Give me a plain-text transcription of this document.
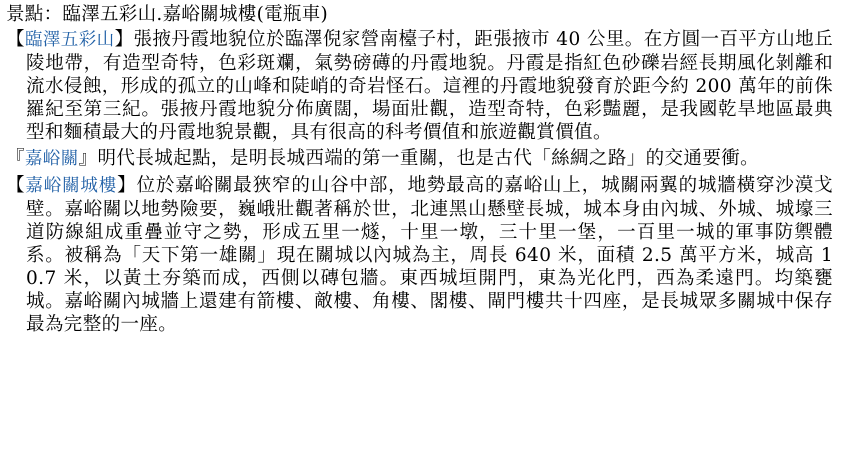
景點：臨澤五彩山.嘉峪關城樓(電瓶車)

【臨澤五彩山】張掖丹霞地貌位於臨澤倪家營南檯子村，距張掖市 40 公里。在方圓一百平方山地丘陵地帶，有造型奇特，色彩斑斕，氣勢磅礡的丹霞地貌。丹霞是指紅色砂礫岩經長期風化剝離和流水侵蝕，形成的孤立的山峰和陡峭的奇岩怪石。這裡的丹霞地貌發育於距今約 200 萬年的前侏羅紀至第三紀。張掖丹霞地貌分佈廣闊，場面壯觀，造型奇特，色彩豔麗，是我國乾旱地區最典型和麵積最大的丹霞地貌景觀，具有很高的科考價值和旅遊觀賞價值。

『嘉峪關』明代長城起點，是明長城西端的第一重關，也是古代「絲綢之路」的交通要衝。

【嘉峪關城樓】位於嘉峪關最狹窄的山谷中部，地勢最高的嘉峪山上，城關兩翼的城牆橫穿沙漠戈壁。嘉峪關以地勢險要，巍峨壯觀著稱於世，北連黑山懸壁長城，城本身由內城、外城、城壕三道防線組成重疊並守之勢，形成五里一燧，十里一墩，三十里一堡，一百里一城的軍事防禦體系。被稱為「天下第一雄關」現在關城以內城為主，周長 640 米，面積 2.5 萬平方米，城高 10.7 米，以黃土夯築而成，西側以磚包牆。東西城垣開門，東為光化門，西為柔遠門。均築甕城。嘉峪關內城牆上還建有箭樓、敵樓、角樓、閣樓、閘門樓共十四座，是長城眾多關城中保存最為完整的一座。
